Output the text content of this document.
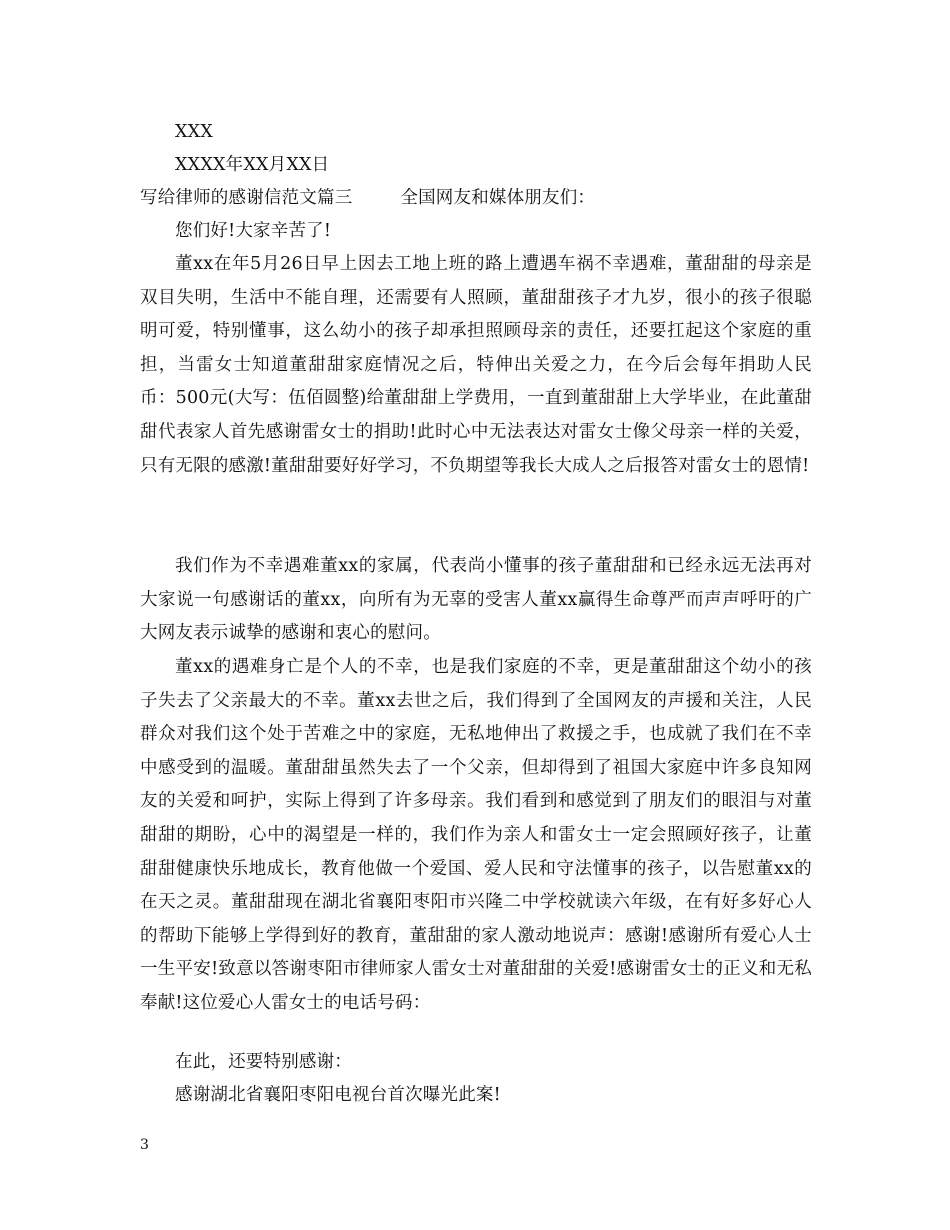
XXX
XXXX年XX月XX日
写给律师的感谢信范文篇三	全国网友和媒体朋友们：
您们好!大家辛苦了!

董xx在年5月26日早上因去工地上班的路上遭遇车祸不幸遇难，董甜甜的母亲是双目失明，生活中不能自理，还需要有人照顾，董甜甜孩子才九岁，很小的孩子很聪明可爱，特别懂事，这么幼小的孩子却承担照顾母亲的责任，还要扛起这个家庭的重担，当雷女士知道董甜甜家庭情况之后，特伸出关爱之力，在今后会每年捐助人民币：500元(大写：伍佰圆整)给董甜甜上学费用，一直到董甜甜上大学毕业，在此董甜甜代表家人首先感谢雷女士的捐助!此时心中无法表达对雷女士像父母亲一样的关爱，只有无限的感激!董甜甜要好好学习，不负期望等我长大成人之后报答对雷女士的恩情!

我们作为不幸遇难董xx的家属，代表尚小懂事的孩子董甜甜和已经永远无法再对大家说一句感谢话的董xx，向所有为无辜的受害人董xx赢得生命尊严而声声呼吁的广大网友表示诚挚的感谢和衷心的慰问。

董xx的遇难身亡是个人的不幸，也是我们家庭的不幸，更是董甜甜这个幼小的孩子失去了父亲最大的不幸。董xx去世之后，我们得到了全国网友的声援和关注，人民群众对我们这个处于苦难之中的家庭，无私地伸出了救援之手，也成就了我们在不幸中感受到的温暖。董甜甜虽然失去了一个父亲，但却得到了祖国大家庭中许多良知网友的关爱和呵护，实际上得到了许多母亲。我们看到和感觉到了朋友们的眼泪与对董甜甜的期盼，心中的渴望是一样的，我们作为亲人和雷女士一定会照顾好孩子，让董甜甜健康快乐地成长，教育他做一个爱国、爱人民和守法懂事的孩子，以告慰董xx的在天之灵。董甜甜现在湖北省襄阳枣阳市兴隆二中学校就读六年级，在有好多好心人的帮助下能够上学得到好的教育，董甜甜的家人激动地说声：感谢!感谢所有爱心人士一生平安!致意以答谢枣阳市律师家人雷女士对董甜甜的关爱!感谢雷女士的正义和无私奉献!这位爱心人雷女士的电话号码：

在此，还要特别感谢：
感谢湖北省襄阳枣阳电视台首次曝光此案!
3
